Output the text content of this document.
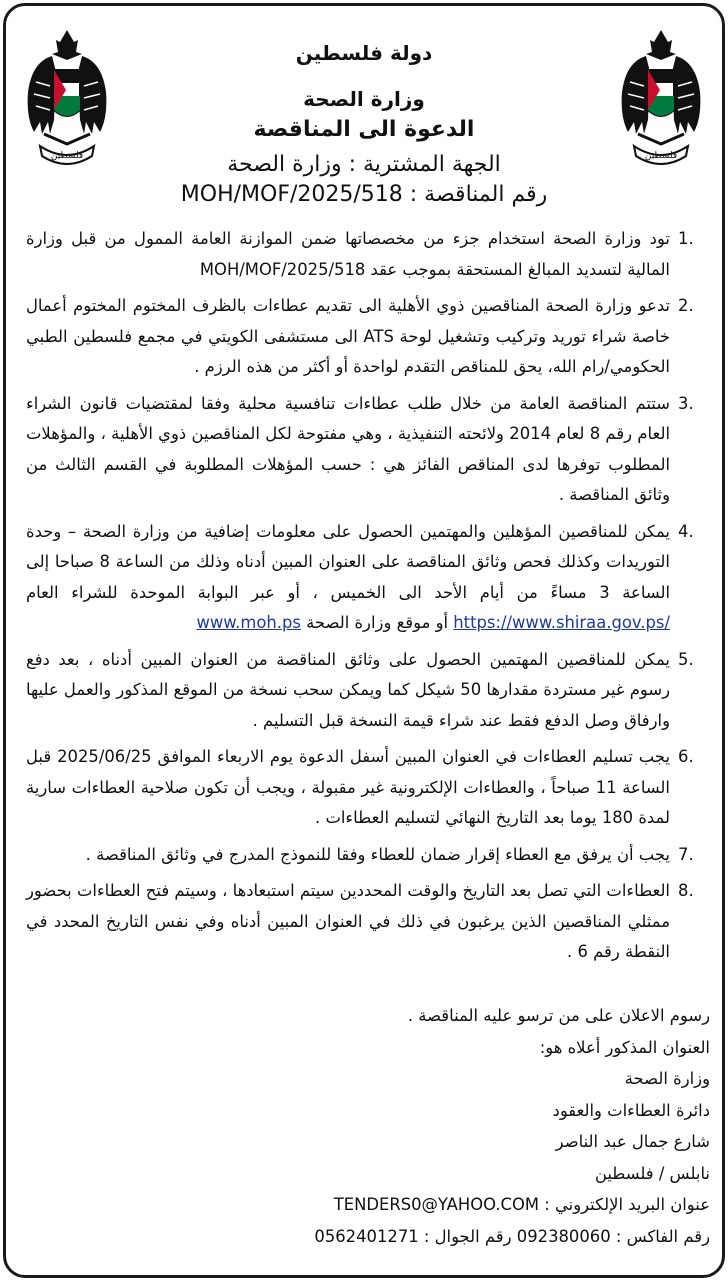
فلسطين	فلسطين
دولة فلسطين
وزارة الصحة
الدعوة الى المناقصة
الجهة المشترية : وزارة الصحة
رقم المناقصة : MOH/MOF/2025/518
1 .
تود وزارة الصحة استخدام جزء من مخصصاتها ضمن الموازنة العامة الممول من قبل وزارة المالية لتسديد المبالغ المستحقة بموجب عقد MOH/MOF/2025/518
2 .
تدعو وزارة الصحة المناقصين ذوي الأهلية الى تقديم عطاءات بالظرف المختوم المختوم أعمال خاصة شراء توريد وتركيب وتشغيل لوحة ATS الى مستشفى الكويتي في مجمع فلسطين الطبي الحكومي/رام الله، يحق للمناقص التقدم لواحدة أو أكثر من هذه الرزم .
3 .
ستتم المناقصة العامة من خلال طلب عطاءات تنافسية محلية وفقا لمقتضيات قانون الشراء العام رقم 8 لعام 2014 ولائحته التنفيذية ، وهي مفتوحة لكل المناقصين ذوي الأهلية ، والمؤهلات المطلوب توفرها لدى المناقص الفائز هي : حسب المؤهلات المطلوبة في القسم الثالث من وثائق المناقصة .
4 .
يمكن للمناقصين المؤهلين والمهتمين الحصول على معلومات إضافية من وزارة الصحة – وحدة التوريدات وكذلك فحص وثائق المناقصة على العنوان المبين أدناه وذلك من الساعة 8 صباحا إلى الساعة 3 مساءً من أيام الأحد الى الخميس ، أو عبر البوابة الموحدة للشراء العام https://www.shiraa.gov.ps/ أو موقع وزارة الصحة www.moh.ps
5 .
يمكن للمناقصين المهتمين الحصول على وثائق المناقصة من العنوان المبين أدناه ، بعد دفع رسوم غير مستردة مقدارها 50 شيكل كما ويمكن سحب نسخة من الموقع المذكور والعمل عليها وارفاق وصل الدفع فقط عند شراء قيمة النسخة قبل التسليم .
6 .
يجب تسليم العطاءات في العنوان المبين أسفل الدعوة يوم الاربعاء الموافق 2025/06/25 قبل الساعة 11 صباحاً ، والعطاءات الإلكترونية غير مقبولة ، ويجب أن تكون صلاحية العطاءات سارية لمدة 180 يوما بعد التاريخ النهائي لتسليم العطاءات .
7 .
يجب أن يرفق مع العطاء إقرار ضمان للعطاء وفقا للنموذج المدرج في وثائق المناقصة .
8 .
العطاءات التي تصل بعد التاريخ والوقت المحددين سيتم استبعادها ، وسيتم فتح العطاءات بحضور ممثلي المناقصين الذين يرغبون في ذلك في العنوان المبين أدناه وفي نفس التاريخ المحدد في النقطة رقم 6 .
رسوم الاعلان على من ترسو عليه المناقصة .
العنوان المذكور أعلاه هو:
وزارة الصحة
دائرة العطاءات والعقود
شارع جمال عبد الناصر
نابلس / فلسطين
عنوان البريد الإلكتروني : TENDERS0@YAHOO.COM
رقم الفاكس : 092380060 رقم الجوال : 0562401271
